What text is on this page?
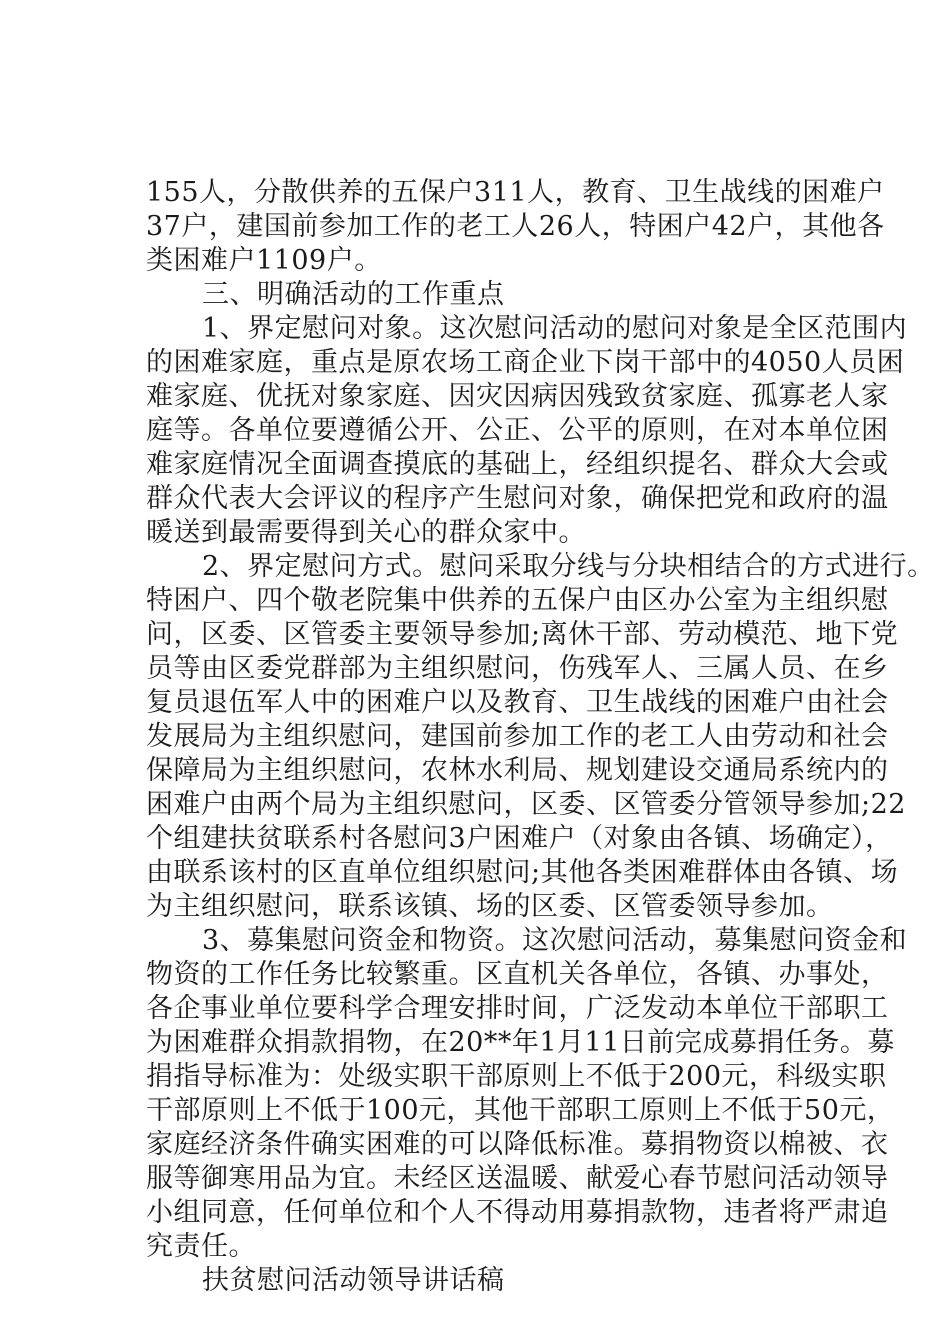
155人，分散供养的五保户311人，教育、卫生战线的困难户
37户，建国前参加工作的老工人26人，特困户42户，其他各
类困难户1109户。
三、明确活动的工作重点
1、界定慰问对象。这次慰问活动的慰问对象是全区范围内
的困难家庭，重点是原农场工商企业下岗干部中的4050人员困
难家庭、优抚对象家庭、因灾因病因残致贫家庭、孤寡老人家
庭等。各单位要遵循公开、公正、公平的原则，在对本单位困
难家庭情况全面调查摸底的基础上，经组织提名、群众大会或
群众代表大会评议的程序产生慰问对象，确保把党和政府的温
暖送到最需要得到关心的群众家中。
2、界定慰问方式。慰问采取分线与分块相结合的方式进行。
特困户、四个敬老院集中供养的五保户由区办公室为主组织慰
问，区委、区管委主要领导参加;离休干部、劳动模范、地下党
员等由区委党群部为主组织慰问，伤残军人、三属人员、在乡
复员退伍军人中的困难户以及教育、卫生战线的困难户由社会
发展局为主组织慰问，建国前参加工作的老工人由劳动和社会
保障局为主组织慰问，农林水利局、规划建设交通局系统内的
困难户由两个局为主组织慰问，区委、区管委分管领导参加;22
个组建扶贫联系村各慰问3户困难户（对象由各镇、场确定），
由联系该村的区直单位组织慰问;其他各类困难群体由各镇、场
为主组织慰问，联系该镇、场的区委、区管委领导参加。
3、募集慰问资金和物资。这次慰问活动，募集慰问资金和
物资的工作任务比较繁重。区直机关各单位，各镇、办事处，
各企事业单位要科学合理安排时间，广泛发动本单位干部职工
为困难群众捐款捐物，在20**年1月11日前完成募捐任务。募
捐指导标准为：处级实职干部原则上不低于200元，科级实职
干部原则上不低于100元，其他干部职工原则上不低于50元，
家庭经济条件确实困难的可以降低标准。募捐物资以棉被、衣
服等御寒用品为宜。未经区送温暖、献爱心春节慰问活动领导
小组同意，任何单位和个人不得动用募捐款物，违者将严肃追
究责任。
扶贫慰问活动领导讲话稿
